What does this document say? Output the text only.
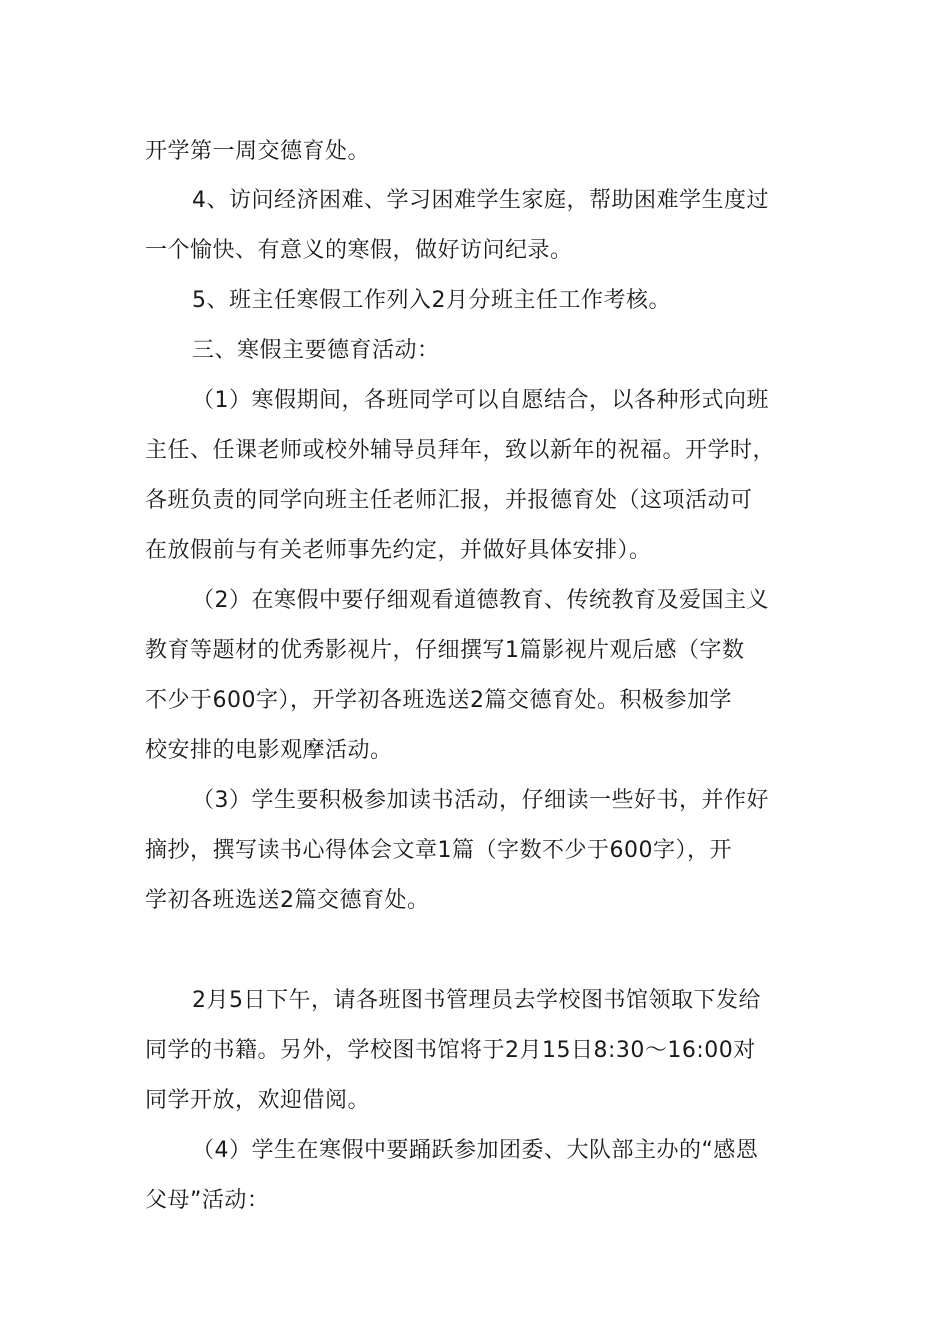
开学第一周交德育处。

4、访问经济困难、学习困难学生家庭，帮助困难学生度过

一个愉快、有意义的寒假，做好访问纪录。

5、班主任寒假工作列入2月分班主任工作考核。

三、寒假主要德育活动：

（1）寒假期间，各班同学可以自愿结合，以各种形式向班

主任、任课老师或校外辅导员拜年，致以新年的祝福。开学时，

各班负责的同学向班主任老师汇报，并报德育处（这项活动可

在放假前与有关老师事先约定，并做好具体安排）。

（2）在寒假中要仔细观看道德教育、传统教育及爱国主义

教育等题材的优秀影视片，仔细撰写1篇影视片观后感（字数

不少于600字），开学初各班选送2篇交德育处。积极参加学

校安排的电影观摩活动。

（3）学生要积极参加读书活动，仔细读一些好书，并作好

摘抄，撰写读书心得体会文章1篇（字数不少于600字），开

学初各班选送2篇交德育处。

2月5日下午，请各班图书管理员去学校图书馆领取下发给

同学的书籍。另外，学校图书馆将于2月15日8:30～16:00对

同学开放，欢迎借阅。

（4）学生在寒假中要踊跃参加团委、大队部主办的“感恩

父母”活动：
